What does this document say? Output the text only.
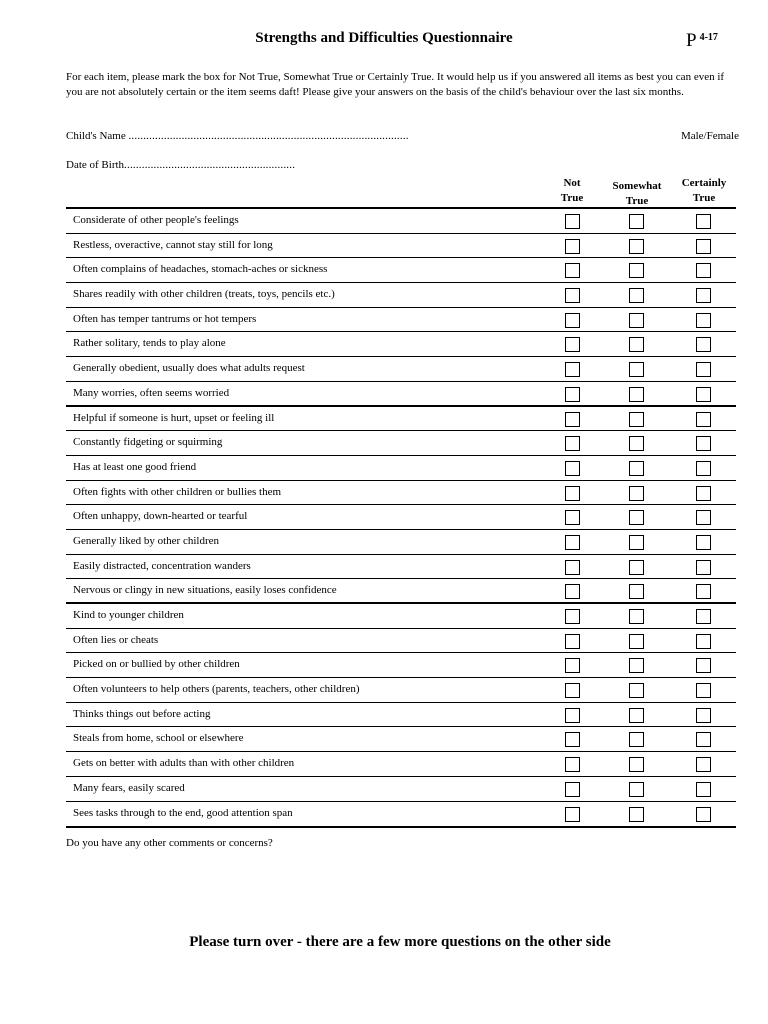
Strengths and Difficulties Questionnaire	P $^{4-17}$
For each item, please mark the box for Not True, Somewhat True or Certainly True. It would help us if you answered all items as best you can even if you are not absolutely certain or the item seems daft! Please give your answers on the basis of the child's behaviour over the last six months.
Child's Name ...............................................................................................	Male/Female
Date of Birth..........................................................
Not
True
Somewhat
True
Certainly
True
Considerate of other people's feelings
Restless, overactive, cannot stay still for long
Often complains of headaches, stomach-aches or sickness
Shares readily with other children (treats, toys, pencils etc.)
Often has temper tantrums or hot tempers
Rather solitary, tends to play alone
Generally obedient, usually does what adults request
Many worries, often seems worried
Helpful if someone is hurt, upset or feeling ill
Constantly fidgeting or squirming
Has at least one good friend
Often fights with other children or bullies them
Often unhappy, down-hearted or tearful
Generally liked by other children
Easily distracted, concentration wanders
Nervous or clingy in new situations, easily loses confidence
Kind to younger children
Often lies or cheats
Picked on or bullied by other children
Often volunteers to help others (parents, teachers, other children)
Thinks things out before acting
Steals from home, school or elsewhere
Gets on better with adults than with other children
Many fears, easily scared
Sees tasks through to the end, good attention span
Do you have any other comments or concerns?
Please turn over - there are a few more questions on the other side
